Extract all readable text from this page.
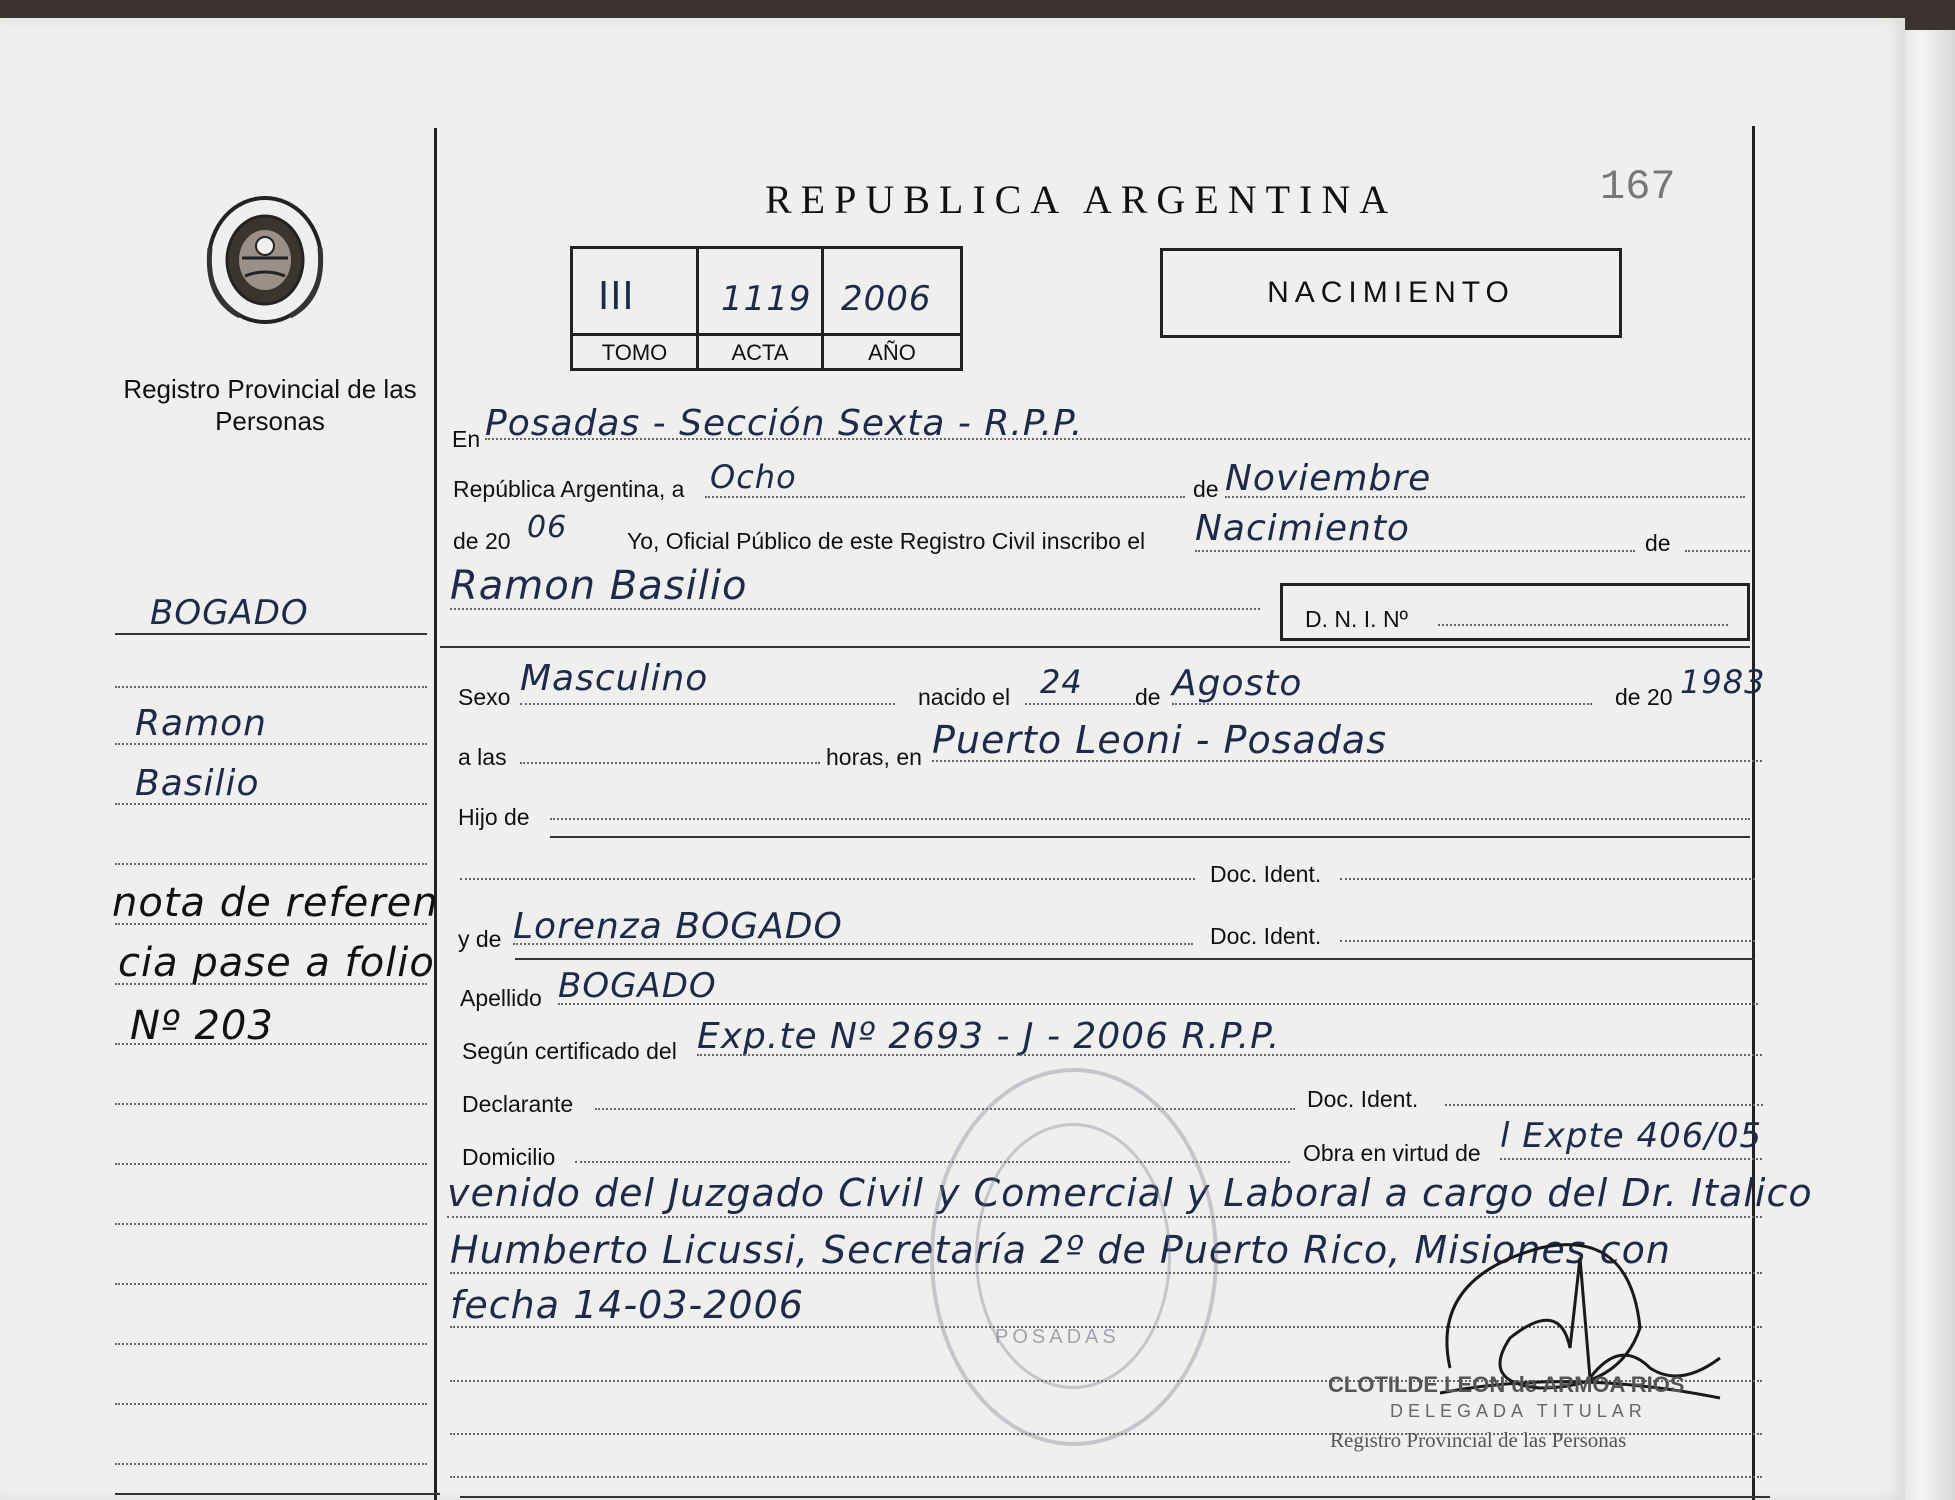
REPUBLICA ARGENTINA	167
Registro Provincial de las Personas
III	1119 2006
TOMO	ACTA	AÑO
NACIMIENTO
BOGADO
Ramon
Basilio
nota de referen
cia pase a folio
Nº 203
En Posadas - Sección Sexta - R.P.P.
República Argentina, a Ocho	de Noviembre
de 20 06	Yo, Oficial Público de este Registro Civil inscribo el Nacimiento	de
Ramon Basilio
D. N. I. Nº
Sexo Masculino	nacido el 24 de Agosto	de 20 1983
a las	horas, en Puerto Leoni - Posadas
Hijo de
Doc. Ident.
y de Lorenza BOGADO	Doc. Ident.
Apellido BOGADO
Según certificado del Exp.te Nº 2693 - J - 2006 R.P.P.
Declarante	Doc. Ident.
Domicilio	Obra en virtud de l Expte 406/05
venido del Juzgado Civil y Comercial y Laboral a cargo del Dr. Italico
Humberto Licussi, Secretaría 2º de Puerto Rico, Misiones con
fecha 14-03-2006
POSADAS
CLOTILDE LEON de ARMOA RIOS
DELEGADA TITULAR
Registro Provincial de las Personas
